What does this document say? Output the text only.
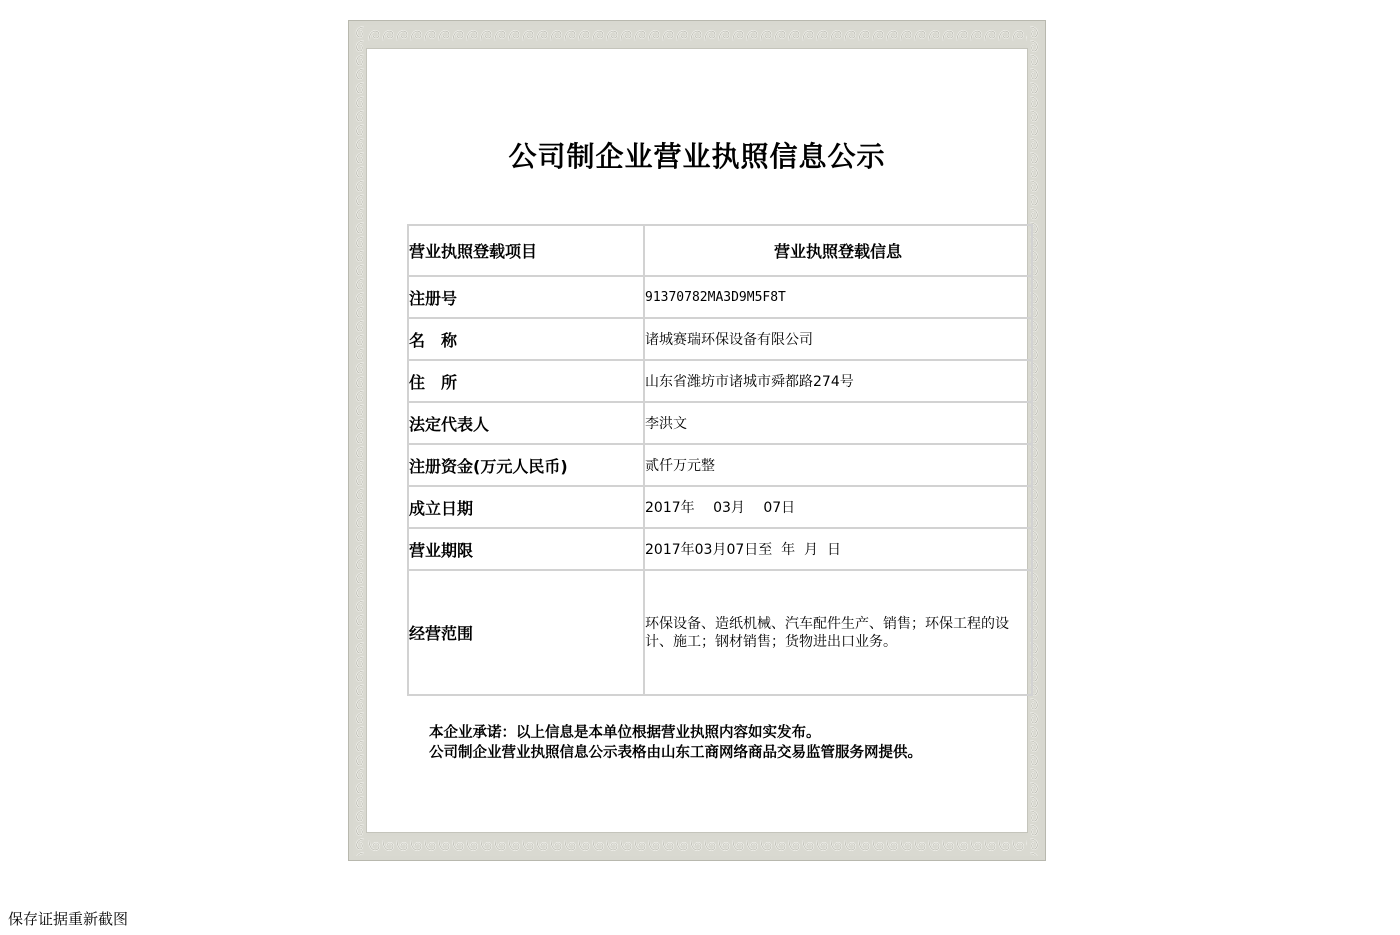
公司制企业营业执照信息公示
营业执照登载项目	营业执照登载信息
注册号	91370782MA3D9M5F8T
名　称	诸城赛瑞环保设备有限公司
住　所	山东省潍坊市诸城市舜都路274号
法定代表人	李洪文
注册资金(万元人民币)	贰仟万元整
成立日期	2017年　 03月　 07日
营业期限	2017年03月07日至  年  月  日
经营范围	环保设备、造纸机械、汽车配件生产、销售；环保工程的设计、施工；钢材销售；货物进出口业务。
本企业承诺：以上信息是本单位根据营业执照内容如实发布。
公司制企业营业执照信息公示表格由山东工商网络商品交易监管服务网提供。
保存证据重新截图
